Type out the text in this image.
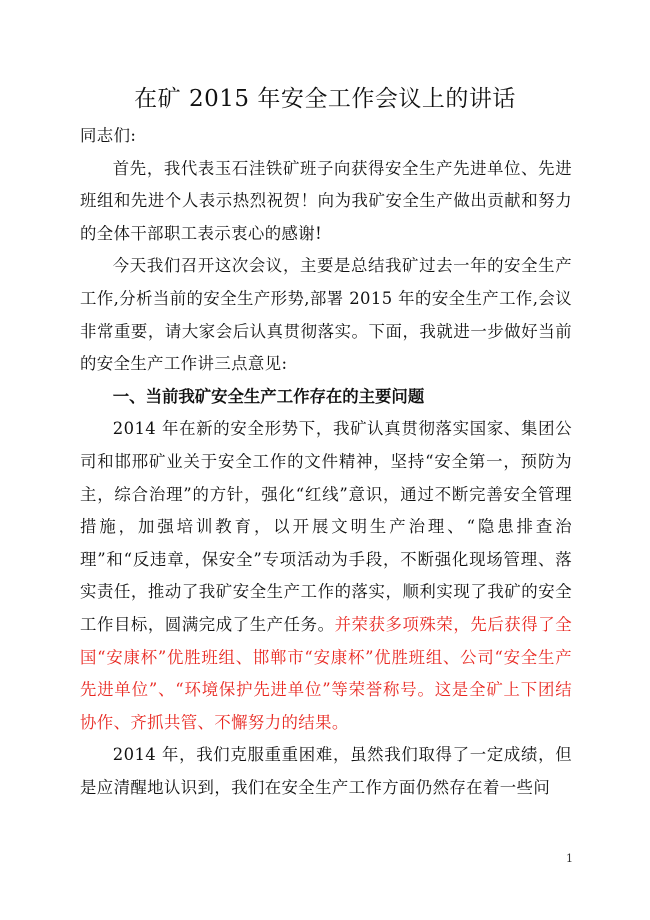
在矿 2015 年安全工作会议上的讲话

同志们:

首先，我代表玉石洼铁矿班子向获得安全生产先进单位、先进班组和先进个人表示热烈祝贺！向为我矿安全生产做出贡献和努力的全体干部职工表示衷心的感谢!

今天我们召开这次会议，主要是总结我矿过去一年的安全生产工作,分析当前的安全生产形势,部署 2015 年的安全生产工作,会议非常重要，请大家会后认真贯彻落实。下面，我就进一步做好当前的安全生产工作讲三点意见:

一、当前我矿安全生产工作存在的主要问题

2014 年在新的安全形势下，我矿认真贯彻落实国家、集团公司和邯邢矿业关于安全工作的文件精神，坚持“安全第一，预防为主，综合治理”的方针，强化“红线”意识，通过不断完善安全管理措施，加强培训教育，以开展文明生产治理、“隐患排查治理”和“反违章，保安全”专项活动为手段，不断强化现场管理、落实责任，推动了我矿安全生产工作的落实，顺利实现了我矿的安全工作目标，圆满完成了生产任务。并荣获多项殊荣，先后获得了全国“安康杯”优胜班组、邯郸市“安康杯”优胜班组、公司“安全生产先进单位”、“环境保护先进单位”等荣誉称号。这是全矿上下团结协作、齐抓共管、不懈努力的结果。

2014 年，我们克服重重困难，虽然我们取得了一定成绩，但是应清醒地认识到，我们在安全生产工作方面仍然存在着一些问

1
